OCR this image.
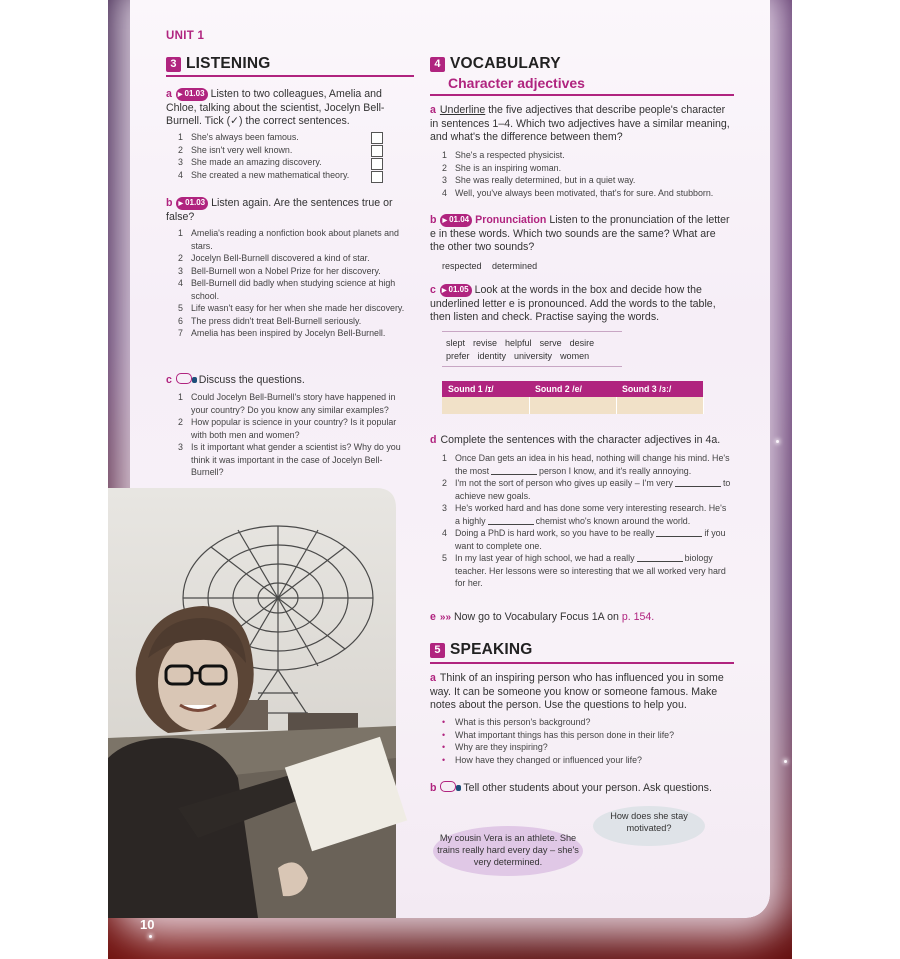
UNIT 1
3 LISTENING
a ▶ 01.03 Listen to two colleagues, Amelia and Chloe, talking about the scientist, Jocelyn Bell-Burnell. Tick (✓) the correct sentences.
1 She's always been famous.
2 She isn't very well known.
3 She made an amazing discovery.
4 She created a new mathematical theory.
b ▶ 01.03 Listen again. Are the sentences true or false?
1 Amelia's reading a nonfiction book about planets and stars.
2 Jocelyn Bell-Burnell discovered a kind of star.
3 Bell-Burnell won a Nobel Prize for her discovery.
4 Bell-Burnell did badly when studying science at high school.
5 Life wasn't easy for her when she made her discovery.
6 The press didn't treat Bell-Burnell seriously.
7 Amelia has been inspired by Jocelyn Bell-Burnell.
c	Discuss the questions.
1 Could Jocelyn Bell-Burnell's story have happened in your country? Do you know any similar examples?
2 How popular is science in your country? Is it popular with both men and women?
3 Is it important what gender a scientist is? Why do you think it was important in the case of Jocelyn Bell-Burnell?
4 VOCABULARY
Character adjectives
a Underline the five adjectives that describe people's character in sentences 1–4. Which two adjectives have a similar meaning, and what's the difference between them?
1 She's a respected physicist.
2 She is an inspiring woman.
3 She was really determined, but in a quiet way.
4 Well, you've always been motivated, that's for sure. And stubborn.
b ▶ 01.04 Pronunciation Listen to the pronunciation of the letter e in these words. Which two sounds are the same? What are the other two sounds?
respected determined
c ▶ 01.05 Look at the words in the box and decide how the underlined letter e is pronounced. Add the words to the table, then listen and check. Practise saying the words.
slept revise helpful serve desire
prefer identity university women
Sound 1 /ɪ/	Sound 2 /e/	Sound 3 /ɜː/

d Complete the sentences with the character adjectives in 4a.
1 Once Dan gets an idea in his head, nothing will change his mind. He's the most	person I know, and it's really annoying.
2 I'm not the sort of person who gives up easily – I'm very	to achieve new goals.
3 He's worked hard and has done some very interesting research. He's a highly	chemist who's known around the world.
4 Doing a PhD is hard work, so you have to be really	if you want to complete one.
5 In my last year of high school, we had a really	biology teacher. Her lessons were so interesting that we all worked very hard for her.
e »» Now go to Vocabulary Focus 1A on p. 154.
5 SPEAKING
a Think of an inspiring person who has influenced you in some way. It can be someone you know or someone famous. Make notes about the person. Use the questions to help you.
•	What is this person's background?
•	What important things has this person done in their life?
•	Why are they inspiring?
•	How have they changed or influenced your life?
b	Tell other students about your person. Ask questions.
How does she stay motivated?
My cousin Vera is an athlete. She trains really hard every day – she's very determined.
10
